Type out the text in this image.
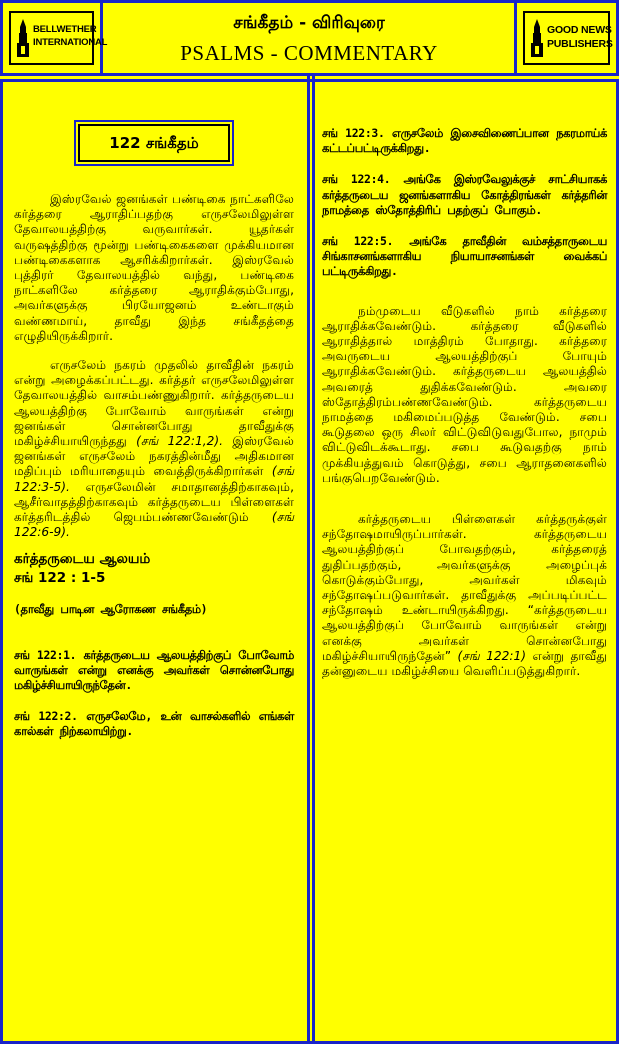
BELLWETHER
INTERNATIONAL
சங்கீதம் - விரிவுரை
PSALMS - COMMENTARY
GOOD NEWS
PUBLISHERS
122 சங்கீதம்

இஸ்ரவேல் ஜனங்கள் பண்டிகை நாட்களிலே கர்த்தரை ஆராதிப்பதற்கு எருசலேமிலுள்ள தேவாலயத்திற்கு வருவார்கள். யூதர்கள் வருஷத்திற்கு மூன்று பண்டிகைகளை முக்கியமான பண்டிகைகளாக ஆசரிக்கிறார்கள். இஸ்ரவேல் புத்திரர் தேவாலயத்தில் வந்து, பண்டிகை நாட்களிலே கர்த்தரை ஆராதிக்கும்போது, அவர்களுக்கு பிரயோஜனம் உண்டாகும் வண்ணமாய், தாவீது இந்த சங்கீதத்தை எழுதியிருக்கிறார்.

எருசலேம் நகரம் முதலில் தாவீதின் நகரம் என்று அழைக்கப்பட்டது. கர்த்தர் எருசலேமிலுள்ள தேவாலயத்தில் வாசம்பண்ணுகிறார். கர்த்தருடைய ஆலயத்திற்கு போவோம் வாருங்கள் என்று ஜனங்கள் சொன்னபோது தாவீதுக்கு மகிழ்ச்சியாயிருந்தது (சங் 122:1,2). இஸ்ரவேல் ஜனங்கள் எருசலேம் நகரத்தின்மீது அதிகமான மதிப்பும் மரியாதையும் வைத்திருக்கிறார்கள் (சங் 122:3-5). எருசலேமின் சமாதானத்திற்காகவும், ஆசீர்வாதத்திற்காகவும் கர்த்தருடைய பிள்ளைகள் கர்த்தரிடத்தில் ஜெபம்பண்ணவேண்டும் (சங் 122:6-9).

கர்த்தருடைய ஆலயம்
சங் 122 : 1-5

(தாவீது பாடின ஆரோகண சங்கீதம்)

சங் 122:1. கர்த்தருடைய ஆலயத்திற்குப் போவோம் வாருங்கள் என்று எனக்கு அவர்கள் சொன்னபோது மகிழ்ச்சியாயிருந்தேன்.

சங் 122:2. எருசலேமே, உன் வாசல்களில் எங்கள் கால்கள் நிற்கலாயிற்று.

சங் 122:3. எருசலேம் இசைவிணைப்பான நகரமாய்க் கட்டப்பட்டிருக்கிறது.

சங் 122:4. அங்கே இஸ்ரவேலுக்குச் சாட்சியாகக் கர்த்தருடைய ஜனங்களாகிய கோத்திரங்கள் கர்த்தரின் நாமத்தை ஸ்தோத்திரிப் பதற்குப் போகும்.

சங் 122:5. அங்கே தாவீதின் வம்சத்தாருடைய சிங்காசனங்களாகிய நியாயாசனங்கள் வைக்கப் பட்டிருக்கிறது.

நம்முடைய வீடுகளில் நாம் கர்த்தரை ஆராதிக்கவேண்டும். கர்த்தரை வீடுகளில் ஆராதித்தால் மாத்திரம் போதாது. கர்த்தரை அவருடைய ஆலயத்திற்குப் போயும் ஆராதிக்கவேண்டும். கர்த்தருடைய ஆலயத்தில் அவரைத் துதிக்கவேண்டும். அவரை ஸ்தோத்திரம்பண்ணவேண்டும். கர்த்தருடைய நாமத்தை மகிமைப்படுத்த வேண்டும். சபை கூடுதலை ஒரு சிலர் விட்டுவிடுவதுபோல, நாமும் விட்டுவிடக்கூடாது. சபை கூடுவதற்கு நாம் முக்கியத்துவம் கொடுத்து, சபை ஆராதனைகளில் பங்குபெறவேண்டும்.

கர்த்தருடைய பிள்ளைகள் கர்த்தருக்குள் சந்தோஷமாயிருப்பார்கள். கர்த்தருடைய ஆலயத்திற்குப் போவதற்கும், கர்த்தரைத் துதிப்பதற்கும், அவர்களுக்கு அழைப்புக் கொடுக்கும்போது, அவர்கள் மிகவும் சந்தோஷப்படுவார்கள். தாவீதுக்கு அப்படிப்பட்ட சந்தோஷம் உண்டாயிருக்கிறது. “கர்த்தருடைய ஆலயத்திற்குப் போவோம் வாருங்கள் என்று எனக்கு அவர்கள் சொன்னபோது மகிழ்ச்சியாயிருந்தேன்” (சங் 122:1) என்று தாவீது தன்னுடைய மகிழ்ச்சியை வெளிப்படுத்துகிறார்.
